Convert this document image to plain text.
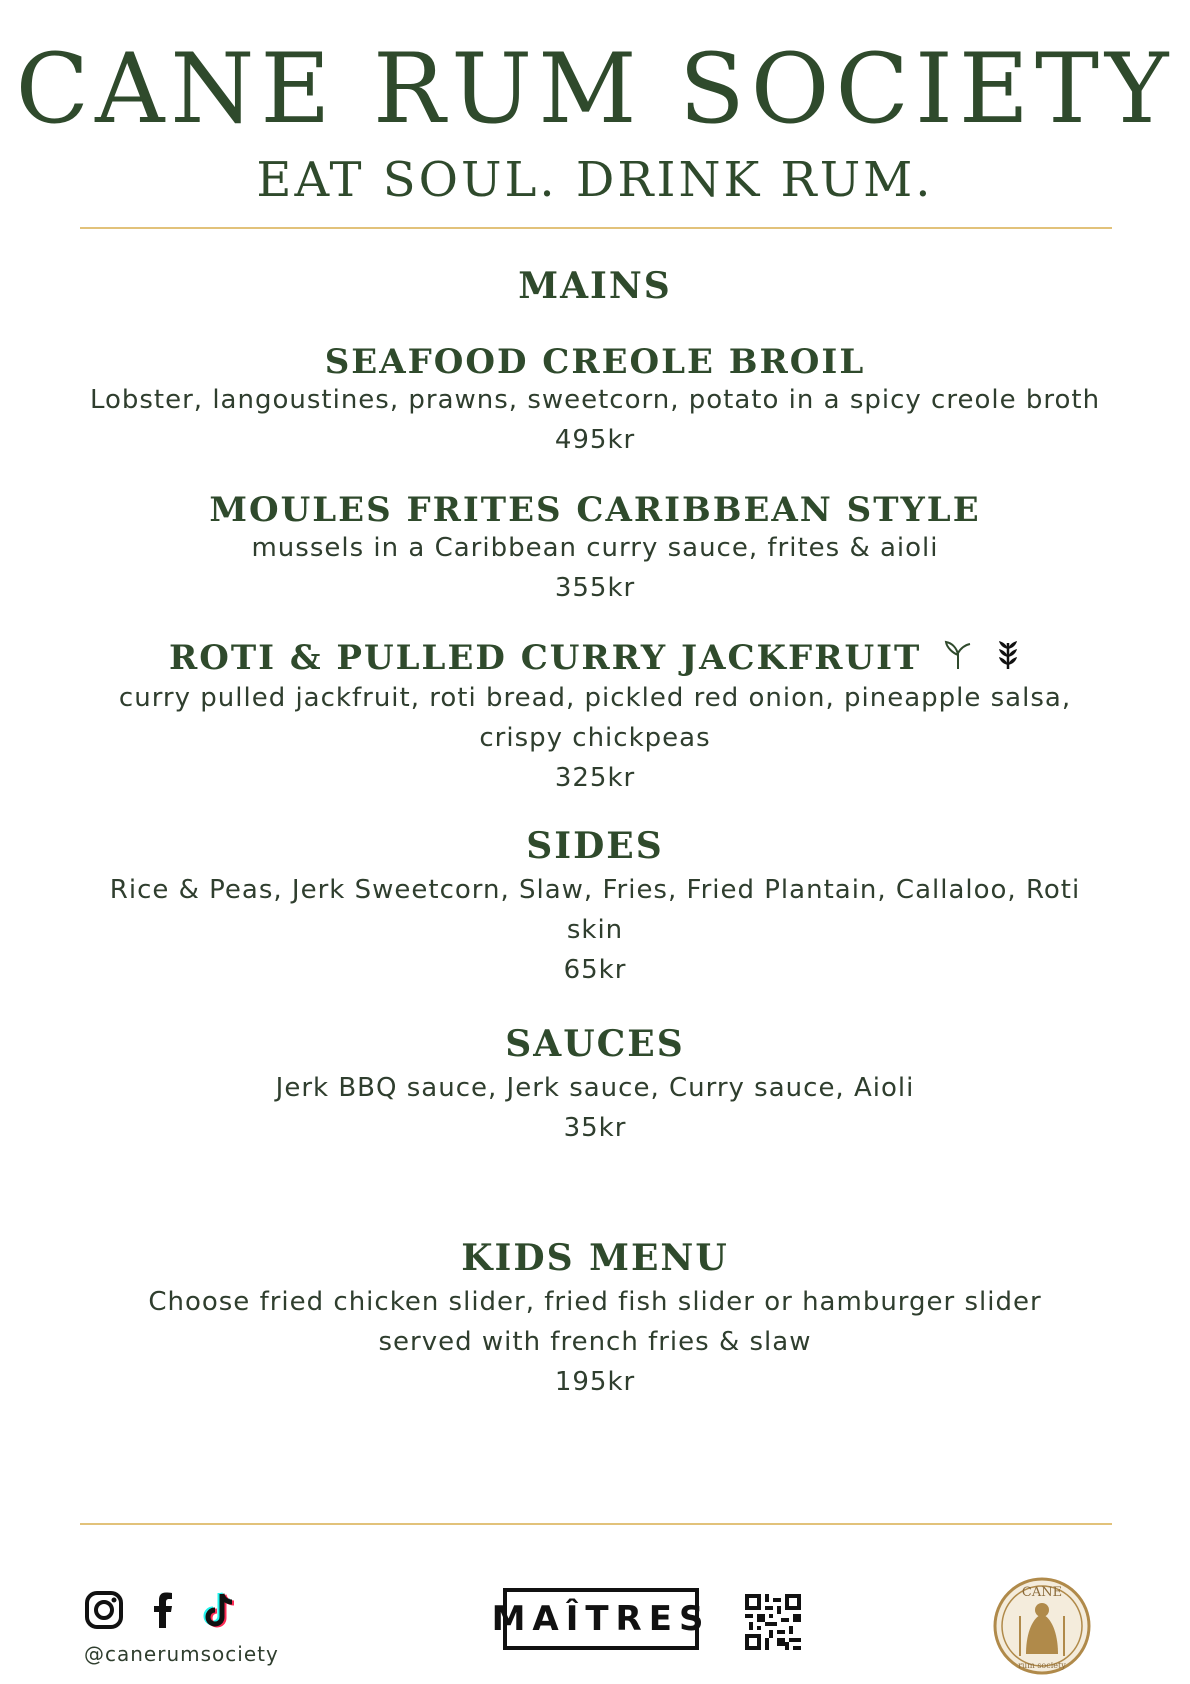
CANE RUM SOCIETY
EAT SOUL. DRINK RUM.
MAINS
SEAFOOD CREOLE BROIL

Lobster, langoustines, prawns, sweetcorn, potato in a spicy creole broth

495kr

MOULES FRITES CARIBBEAN STYLE

mussels in a Caribbean curry sauce, frites & aioli

355kr

ROTI & PULLED CURRY JACKFRUIT

curry pulled jackfruit, roti bread, pickled red onion, pineapple salsa,

crispy chickpeas

325kr

SIDES

Rice & Peas, Jerk Sweetcorn, Slaw, Fries, Fried Plantain, Callaloo, Roti

skin

65kr

SAUCES

Jerk BBQ sauce, Jerk sauce, Curry sauce, Aioli

35kr

KIDS MENU

Choose fried chicken slider, fried fish slider or hamburger slider

served with french fries & slaw

195kr

@canerumsociety
MAÎTRES
CANE
rum society
